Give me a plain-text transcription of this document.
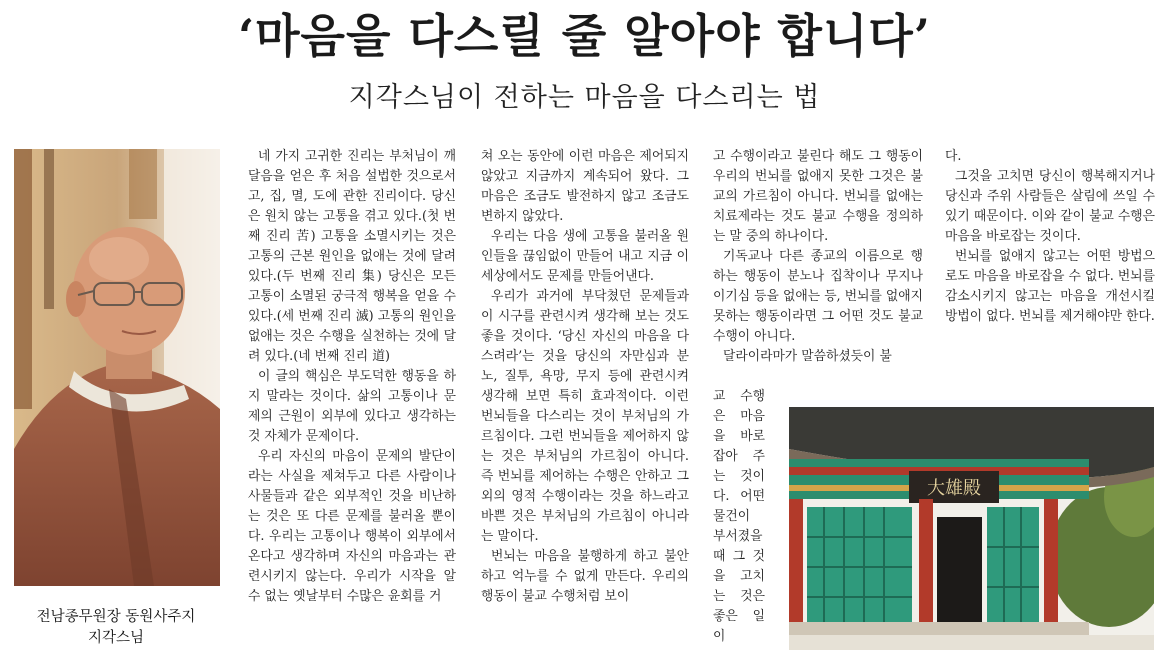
‘마음을 다스릴 줄 알아야 합니다’
지각스님이 전하는 마음을 다스리는 법
전남종무원장 동원사주지
지각스님

네 가지 고귀한 진리는 부처님이 깨달음을 얻은 후 처음 설법한 것으로서 고, 집, 멸, 도에 관한 진리이다. 당신은 원치 않는 고통을 겪고 있다.(첫 번째 진리 苦) 고통을 소멸시키는 것은 고통의 근본 원인을 없애는 것에 달려있다.(두 번째 진리 集) 당신은 모든 고통이 소멸된 궁극적 행복을 얻을 수 있다.(세 번째 진리 滅) 고통의 원인을 없애는 것은 수행을 실천하는 것에 달려 있다.(네 번째 진리 道)

이 글의 핵심은 부도덕한 행동을 하지 말라는 것이다. 삶의 고통이나 문제의 근원이 외부에 있다고 생각하는 것 자체가 문제이다.

우리 자신의 마음이 문제의 발단이라는 사실을 제쳐두고 다른 사람이나 사물들과 같은 외부적인 것을 비난하는 것은 또 다른 문제를 불러올 뿐이다. 우리는 고통이나 행복이 외부에서 온다고 생각하며 자신의 마음과는 관련시키지 않는다. 우리가 시작을 알 수 없는 옛날부터 수많은 윤회를 거

쳐 오는 동안에 이런 마음은 제어되지 않았고 지금까지 계속되어 왔다. 그 마음은 조금도 발전하지 않고 조금도 변하지 않았다.

우리는 다음 생에 고통을 불러올 원인들을 끊임없이 만들어 내고 지금 이 세상에서도 문제를 만들어낸다.

우리가 과거에 부닥쳤던 문제들과 이 시구를 관련시켜 생각해 보는 것도 좋을 것이다. ‘당신 자신의 마음을 다스려라’는 것을 당신의 자만심과 분노, 질투, 욕망, 무지 등에 관련시켜 생각해 보면 특히 효과적이다. 이런 번뇌들을 다스리는 것이 부처님의 가르침이다. 그런 번뇌들을 제어하지 않는 것은 부처님의 가르침이 아니다. 즉 번뇌를 제어하는 수행은 안하고 그 외의 영적 수행이라는 것을 하느라고 바쁜 것은 부처님의 가르침이 아니라는 말이다.

번뇌는 마음을 불행하게 하고 불안하고 억누를 수 없게 만든다. 우리의 행동이 불교 수행처럼 보이

고 수행이라고 불린다 해도 그 행동이 우리의 번뇌를 없애지 못한 그것은 불교의 가르침이 아니다. 번뇌를 없애는 치료제라는 것도 불교 수행을 정의하는 말 중의 하나이다.

기독교나 다른 종교의 이름으로 행하는 행동이 분노나 집착이나 무지나 이기심 등을 없애는 등, 번뇌를 없애지 못하는 행동이라면 그 어떤 것도 불교 수행이 아니다.

달라이라마가 말씀하셨듯이 불

교 수행은 마음을 바로 잡아 주는 것이다. 어떤 물건이 부서졌을 때 그 것을 고치는 것은 좋은 일이

다.

그것을 고치면 당신이 행복해지거나 당신과 주위 사람들은 살림에 쓰일 수 있기 때문이다. 이와 같이 불교 수행은 마음을 바로잡는 것이다.

번뇌를 없애지 않고는 어떤 방법으로도 마음을 바로잡을 수 없다. 번뇌를 감소시키지 않고는 마음을 개선시킬 방법이 없다. 번뇌를 제거해야만 한다.

大雄殿
